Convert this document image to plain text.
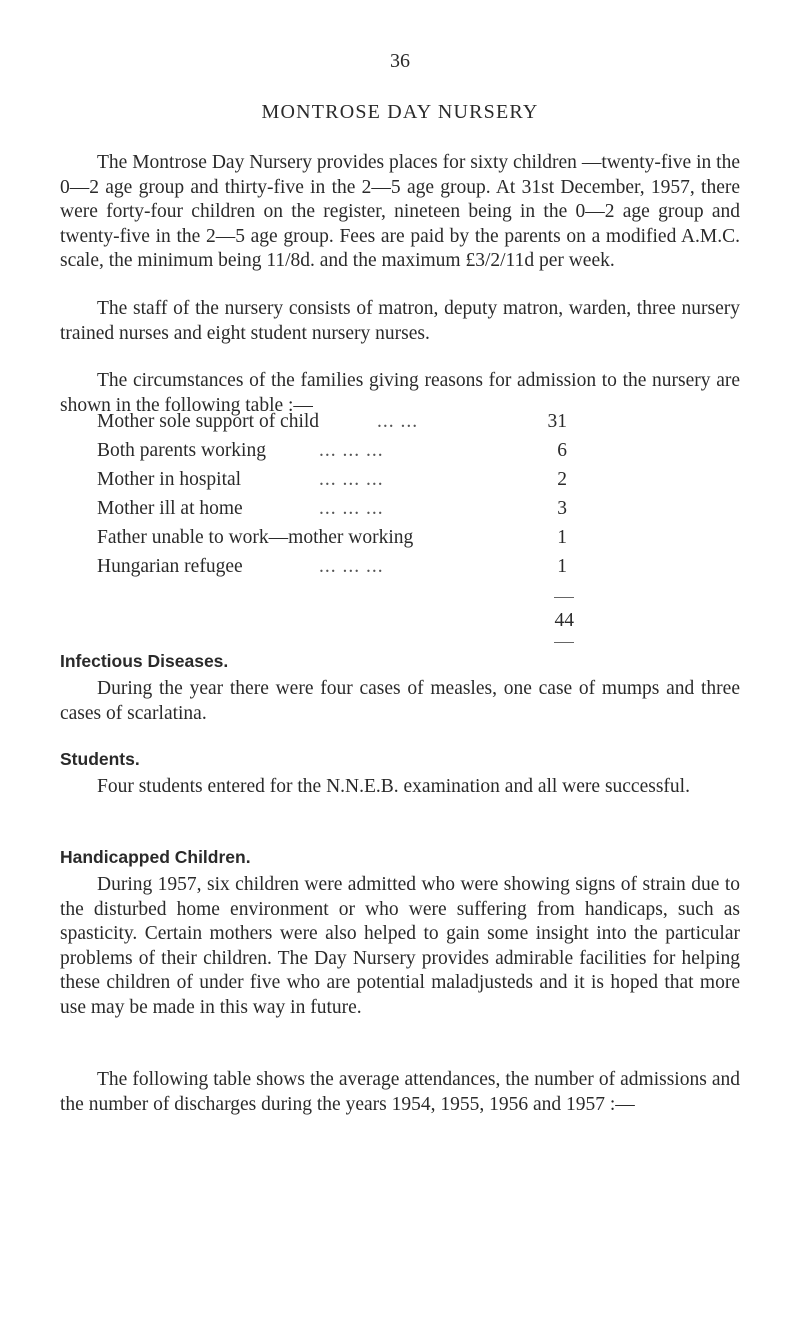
36
MONTROSE DAY NURSERY

The Montrose Day Nursery provides places for sixty children —twenty-five in the 0—2 age group and thirty-five in the 2—5 age group. At 31st December, 1957, there were forty-four children on the register, nineteen being in the 0—2 age group and twenty-five in the 2—5 age group. Fees are paid by the parents on a modified A.M.C. scale, the minimum being 11/8d. and the maximum £3/2/11d per week.

The staff of the nursery consists of matron, deputy matron, warden, three nursery trained nurses and eight student nursery nurses.

The circumstances of the families giving reasons for admission to the nursery are shown in the following table :—

Mother sole support of child	... ...	31
Both parents working	... ... ...	6
Mother in hospital	... ... ...	2
Mother ill at home	... ... ...	3
Father unable to work—mother working	1
Hungarian refugee	... ... ...	1
44
Infectious Diseases.

During the year there were four cases of measles, one case of mumps and three cases of scarlatina.

Students.

Four students entered for the N.N.E.B. examination and all were successful.

Handicapped Children.

During 1957, six children were admitted who were showing signs of strain due to the disturbed home environment or who were suffering from handicaps, such as spasticity. Certain mothers were also helped to gain some insight into the particular problems of their children. The Day Nursery provides admirable facilities for helping these children of under five who are potential maladjusteds and it is hoped that more use may be made in this way in future.

The following table shows the average attendances, the number of admissions and the number of discharges during the years 1954, 1955, 1956 and 1957 :—
